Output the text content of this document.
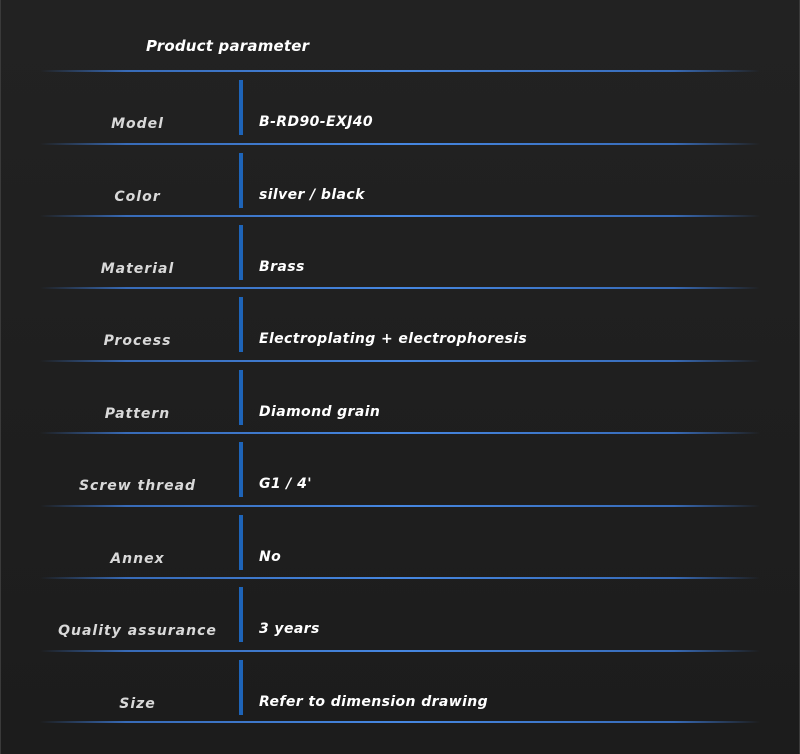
Product parameter
Model	B-RD90-EXJ40
Color	silver / black
Material	Brass
Process	Electroplating + electrophoresis
Pattern	Diamond grain
Screw thread	G1 / 4'
Annex	No
Quality assurance	3 years
Size	Refer to dimension drawing
